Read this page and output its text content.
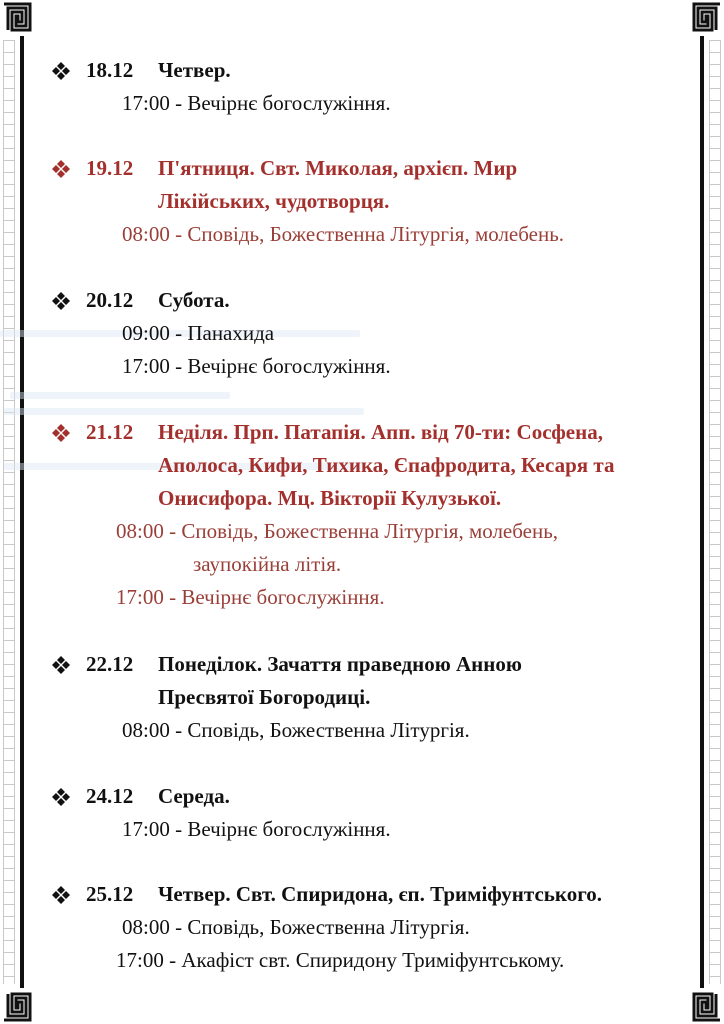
18.12 Четвер.
17:00 - Вечірнє богослужіння.
19.12 П'ятниця. Свт. Миколая, архієп. Мир
Лікійських, чудотворця.
08:00 - Сповідь, Божественна Літургія, молебень.
20.12 Субота.
09:00 - Панахида
17:00 - Вечірнє богослужіння.
21.12 Неділя. Прп. Патапія. Апп. від 70-ти: Сосфена,
Аполоса, Кифи, Тихика, Єпафродита, Кесаря та
Онисифора. Мц. Вікторії Кулузької.
08:00 - Сповідь, Божественна Літургія, молебень,
заупокійна літія.
17:00 - Вечірнє богослужіння.
22.12 Понеділок. Зачаття праведною Анною
Пресвятої Богородиці.
08:00 - Сповідь, Божественна Літургія.
24.12 Середа.
17:00 - Вечірнє богослужіння.
25.12 Четвер. Свт. Спиридона, єп. Триміфунтського.
08:00 - Сповідь, Божественна Літургія.
17:00 - Акафіст свт. Спиридону Триміфунтському.
